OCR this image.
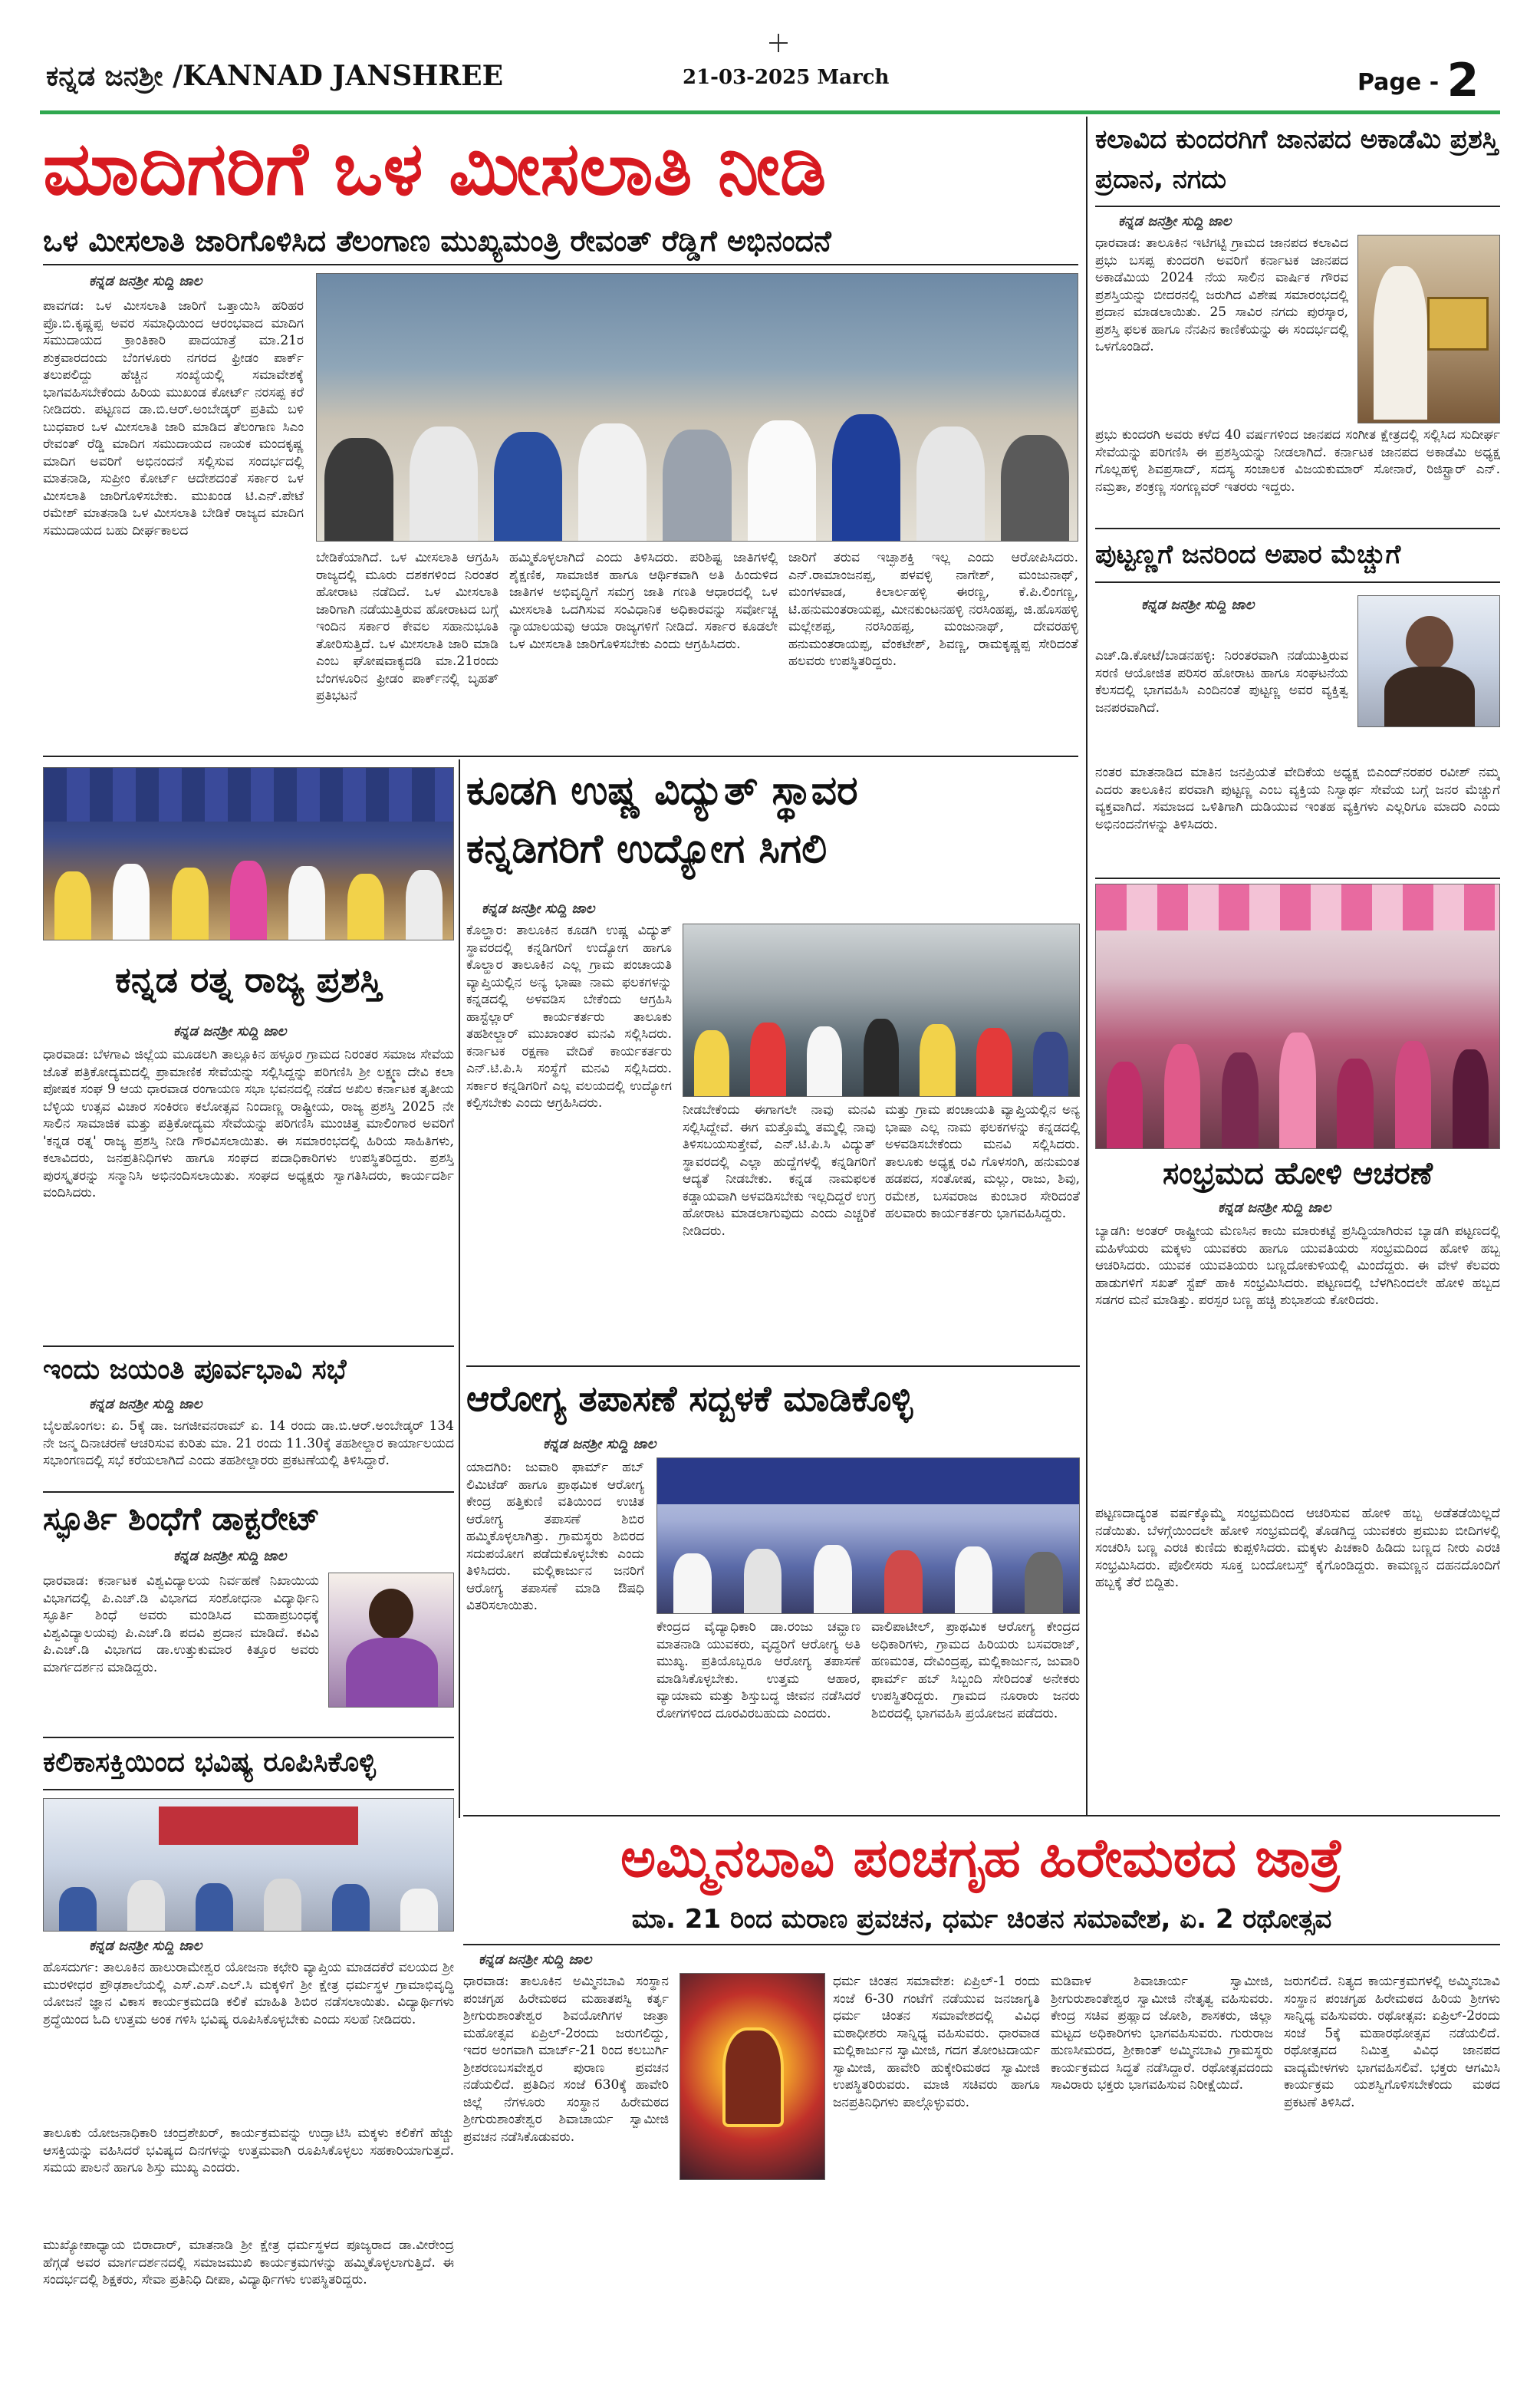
ಕನ್ನಡ ಜನಶ್ರೀ /KANNAD JANSHREE	21-03-2025 March	Page - 2
ಮಾದಿಗರಿಗೆ ಒಳ ಮೀಸಲಾತಿ ನೀಡಿ
ಒಳ ಮೀಸಲಾತಿ ಜಾರಿಗೊಳಿಸಿದ ತೆಲಂಗಾಣ ಮುಖ್ಯಮಂತ್ರಿ ರೇವಂತ್ ರೆಡ್ಡಿಗೆ ಅಭಿನಂದನೆ
ಕನ್ನಡ ಜನಶ್ರೀ ಸುದ್ದಿ ಜಾಲ
ಪಾವಗಡ: ಒಳ ಮೀಸಲಾತಿ ಜಾರಿಗೆ ಒತ್ತಾಯಿಸಿ ಹರಿಹರ ಪ್ರೊ.ಬಿ.ಕೃಷ್ಣಪ್ಪ ಅವರ ಸಮಾಧಿಯಿಂದ ಆರಂಭವಾದ ಮಾದಿಗ ಸಮುದಾಯದ ಕ್ರಾಂತಿಕಾರಿ ಪಾದಯಾತ್ರೆ ಮಾ.21ರ ಶುಕ್ರವಾರದಂದು ಬೆಂಗಳೂರು ನಗರದ ಫ್ರೀಡಂ ಪಾರ್ಕ್ ತಲುಪಲಿದ್ದು ಹೆಚ್ಚಿನ ಸಂಖ್ಯೆಯಲ್ಲಿ ಸಮಾವೇಶಕ್ಕೆ ಭಾಗವಹಿಸಬೇಕೆಂದು ಹಿರಿಯ ಮುಖಂಡ ಕೋರ್ಟ್ ನರಸಪ್ಪ ಕರೆ ನೀಡಿದರು. ಪಟ್ಟಣದ ಡಾ.ಬಿ.ಆರ್.ಅಂಬೇಡ್ಕರ್ ಪ್ರತಿಮೆ ಬಳಿ ಬುಧವಾರ ಒಳ ಮೀಸಲಾತಿ ಜಾರಿ ಮಾಡಿದ ತೆಲಂಗಾಣ ಸಿಎಂ ರೇವಂತ್ ರೆಡ್ಡಿ ಮಾದಿಗ ಸಮುದಾಯದ ನಾಯಕ ಮಂದಕೃಷ್ಣ ಮಾದಿಗ ಅವರಿಗೆ ಅಭಿನಂದನೆ ಸಲ್ಲಿಸುವ ಸಂದರ್ಭದಲ್ಲಿ ಮಾತನಾಡಿ, ಸುಪ್ರೀಂ ಕೋರ್ಟ್ ಆದೇಶದಂತೆ ಸರ್ಕಾರ ಒಳ ಮೀಸಲಾತಿ ಜಾರಿಗೊಳಿಸಬೇಕು. ಮುಖಂಡ ಟಿ.ಎನ್.ಪೇಟೆ ರಮೇಶ್ ಮಾತನಾಡಿ ಒಳ ಮೀಸಲಾತಿ ಬೇಡಿಕೆ ರಾಜ್ಯದ ಮಾದಿಗ ಸಮುದಾಯದ ಬಹು ದೀರ್ಘಕಾಲದ
ಬೇಡಿಕೆಯಾಗಿದೆ. ಒಳ ಮೀಸಲಾತಿ ಆಗ್ರಹಿಸಿ ರಾಜ್ಯದಲ್ಲಿ ಮೂರು ದಶಕಗಳಿಂದ ನಿರಂತರ ಹೋರಾಟ ನಡೆದಿದೆ. ಒಳ ಮೀಸಲಾತಿ ಜಾರಿಗಾಗಿ ನಡೆಯುತ್ತಿರುವ ಹೋರಾಟದ ಬಗ್ಗೆ ಇಂದಿನ ಸರ್ಕಾರ ಕೇವಲ ಸಹಾನುಭೂತಿ ತೋರಿಸುತ್ತಿದೆ. ಒಳ ಮೀಸಲಾತಿ ಜಾರಿ ಮಾಡಿ ಎಂಬ ಘೋಷವಾಕ್ಯದಡಿ ಮಾ.21ರಂದು ಬೆಂಗಳೂರಿನ ಫ್ರೀಡಂ ಪಾರ್ಕ್‌ನಲ್ಲಿ ಬೃಹತ್ ಪ್ರತಿಭಟನೆ
ಹಮ್ಮಿಕೊಳ್ಳಲಾಗಿದೆ ಎಂದು ತಿಳಿಸಿದರು. ಪರಿಶಿಷ್ಟ ಜಾತಿಗಳಲ್ಲಿ ಶೈಕ್ಷಣಿಕ, ಸಾಮಾಜಿಕ ಹಾಗೂ ಆರ್ಥಿಕವಾಗಿ ಅತಿ ಹಿಂದುಳಿದ ಜಾತಿಗಳ ಅಭಿವೃದ್ಧಿಗೆ ಸಮಗ್ರ ಜಾತಿ ಗಣತಿ ಆಧಾರದಲ್ಲಿ ಒಳ ಮೀಸಲಾತಿ ಒದಗಿಸುವ ಸಂವಿಧಾನಿಕ ಅಧಿಕಾರವನ್ನು ಸರ್ವೋಚ್ಚ ನ್ಯಾಯಾಲಯವು ಆಯಾ ರಾಜ್ಯಗಳಿಗೆ ನೀಡಿದೆ. ಸರ್ಕಾರ ಕೂಡಲೇ ಒಳ ಮೀಸಲಾತಿ ಜಾರಿಗೊಳಿಸಬೇಕು ಎಂದು ಆಗ್ರಹಿಸಿದರು.
ಜಾರಿಗೆ ತರುವ ಇಚ್ಛಾಶಕ್ತಿ ಇಲ್ಲ ಎಂದು ಆರೋಪಿಸಿದರು. ಎನ್.ರಾಮಾಂಜನಪ್ಪ, ಪಳವಳ್ಳಿ ನಾಗೇಶ್, ಮಂಜುನಾಥ್, ಮಂಗಳವಾಡ, ಕಿಲಾರ್ಲಹಳ್ಳಿ ಈರಣ್ಣ, ಕೆ.ಪಿ.ಲಿಂಗಣ್ಣ, ಟಿ.ಹನುಮಂತರಾಯಪ್ಪ, ಮೀನಕುಂಟನಹಳ್ಳಿ ನರಸಿಂಹಪ್ಪ, ಜಿ.ಹೊಸಹಳ್ಳಿ ಮಲ್ಲೇಶಪ್ಪ, ನರಸಿಂಹಪ್ಪ, ಮಂಜುನಾಥ್, ದೇವರಹಳ್ಳಿ ಹನುಮಂತರಾಯಪ್ಪ, ವೆಂಕಟೇಶ್, ಶಿವಣ್ಣ, ರಾಮಕೃಷ್ಣಪ್ಪ ಸೇರಿದಂತೆ ಹಲವರು ಉಪಸ್ಥಿತರಿದ್ದರು.
ಕಲಾವಿದ ಕುಂದರಗಿಗೆ ಜಾನಪದ ಅಕಾಡೆಮಿ ಪ್ರಶಸ್ತಿ ಪ್ರದಾನ, ನಗದು
ಕನ್ನಡ ಜನಶ್ರೀ ಸುದ್ದಿ ಜಾಲ
ಧಾರವಾಡ: ತಾಲೂಕಿನ ಇಟಿಗಟ್ಟಿ ಗ್ರಾಮದ ಜಾನಪದ ಕಲಾವಿದ ಪ್ರಭು ಬಸಪ್ಪ ಕುಂದರಗಿ ಅವರಿಗೆ ಕರ್ನಾಟಕ ಜಾನಪದ ಅಕಾಡೆಮಿಯ 2024 ನೆಯ ಸಾಲಿನ ವಾರ್ಷಿಕ ಗೌರವ ಪ್ರಶಸ್ತಿಯನ್ನು ಬೀದರನಲ್ಲಿ ಜರುಗಿದ ವಿಶೇಷ ಸಮಾರಂಭದಲ್ಲಿ ಪ್ರದಾನ ಮಾಡಲಾಯಿತು. 25 ಸಾವಿರ ನಗದು ಪುರಸ್ಕಾರ, ಪ್ರಶಸ್ತಿ ಫಲಕ ಹಾಗೂ ನೆನಪಿನ ಕಾಣಿಕೆಯನ್ನು ಈ ಸಂದರ್ಭದಲ್ಲಿ ಒಳಗೊಂಡಿದೆ.
ಪ್ರಭು ಕುಂದರಗಿ ಅವರು ಕಳೆದ 40 ವರ್ಷಗಳಿಂದ ಜಾನಪದ ಸಂಗೀತ ಕ್ಷೇತ್ರದಲ್ಲಿ ಸಲ್ಲಿಸಿದ ಸುದೀರ್ಘ ಸೇವೆಯನ್ನು ಪರಿಗಣಿಸಿ ಈ ಪ್ರಶಸ್ತಿಯನ್ನು ನೀಡಲಾಗಿದೆ. ಕರ್ನಾಟಕ ಜಾನಪದ ಅಕಾಡೆಮಿ ಅಧ್ಯಕ್ಷ ಗೊಲ್ಲಹಳ್ಳಿ ಶಿವಪ್ರಸಾದ್, ಸದಸ್ಯ ಸಂಚಾಲಕ ವಿಜಯಕುಮಾರ್ ಸೋನಾರೆ, ರಿಜಿಸ್ಟ್ರಾರ್ ಎನ್. ನಮ್ರತಾ, ಶಂಕ್ರಣ್ಣ ಸಂಗಣ್ಣವರ್ ಇತರರು ಇದ್ದರು.
ಪುಟ್ಟಣ್ಣಗೆ ಜನರಿಂದ ಅಪಾರ ಮೆಚ್ಚುಗೆ
ಕನ್ನಡ ಜನಶ್ರೀ ಸುದ್ದಿ ಜಾಲ
ಎಚ್.ಡಿ.ಕೋಟೆ/ಬಾಡನಹಳ್ಳಿ: ನಿರಂತರವಾಗಿ ನಡೆಯುತ್ತಿರುವ ಸರಣಿ ಆಯೋಜಿತ ಪರಿಸರ ಹೋರಾಟ ಹಾಗೂ ಸಂಘಟನೆಯ ಕೆಲಸದಲ್ಲಿ ಭಾಗವಹಿಸಿ ಎಂದಿನಂತೆ ಪುಟ್ಟಣ್ಣ ಅವರ ವ್ಯಕ್ತಿತ್ವ ಜನಪರವಾಗಿದೆ.
ನಂತರ ಮಾತನಾಡಿದ ಮಾತಿನ ಜನಪ್ರಿಯತೆ ವೇದಿಕೆಯ ಅಧ್ಯಕ್ಷ ಬಿಎಂದ್‌ನರಪರ ರವೀಶ್ ನಮ್ಮ ಎದರು ತಾಲೂಕಿನ ಪರವಾಗಿ ಪುಟ್ಟಣ್ಣ ಎಂಬ ವ್ಯಕ್ತಿಯ ನಿಸ್ವಾರ್ಥ ಸೇವೆಯ ಬಗ್ಗೆ ಜನರ ಮೆಚ್ಚುಗೆ ವ್ಯಕ್ತವಾಗಿದೆ. ಸಮಾಜದ ಒಳಿತಿಗಾಗಿ ದುಡಿಯುವ ಇಂತಹ ವ್ಯಕ್ತಿಗಳು ಎಲ್ಲರಿಗೂ ಮಾದರಿ ಎಂದು ಅಭಿನಂದನೆಗಳನ್ನು ತಿಳಿಸಿದರು.
ಸಂಭ್ರಮದ ಹೋಳಿ ಆಚರಣೆ
ಕನ್ನಡ ಜನಶ್ರೀ ಸುದ್ದಿ ಜಾಲ
ಬ್ಯಾಡಗಿ: ಅಂತರ್ ರಾಷ್ಟ್ರೀಯ ಮೆಣಸಿನ ಕಾಯಿ ಮಾರುಕಟ್ಟೆ ಪ್ರಸಿದ್ಧಿಯಾಗಿರುವ ಬ್ಯಾಡಗಿ ಪಟ್ಟಣದಲ್ಲಿ ಮಹಿಳೆಯರು ಮಕ್ಕಳು ಯುವಕರು ಹಾಗೂ ಯುವತಿಯರು ಸಂಭ್ರಮದಿಂದ ಹೋಳಿ ಹಬ್ಬ ಆಚರಿಸಿದರು. ಯುವಕ ಯುವತಿಯರು ಬಣ್ಣದೋಕುಳಿಯಲ್ಲಿ ಮಿಂದೆದ್ದರು. ಈ ವೇಳೆ ಕೆಲವರು ಹಾಡುಗಳಿಗೆ ಸಖತ್ ಸ್ಟೆಪ್ ಹಾಕಿ ಸಂಭ್ರಮಿಸಿದರು. ಪಟ್ಟಣದಲ್ಲಿ ಬೆಳಗಿನಿಂದಲೇ ಹೋಳಿ ಹಬ್ಬದ ಸಡಗರ ಮನೆ ಮಾಡಿತ್ತು. ಪರಸ್ಪರ ಬಣ್ಣ ಹಚ್ಚಿ ಶುಭಾಶಯ ಕೋರಿದರು.
ಪಟ್ಟಣದಾದ್ಯಂತ ವರ್ಷಕ್ಕೊಮ್ಮೆ ಸಂಭ್ರಮದಿಂದ ಆಚರಿಸುವ ಹೋಳಿ ಹಬ್ಬ ಅಡೆತಡೆಯಿಲ್ಲದೆ ನಡೆಯಿತು. ಬೆಳಗ್ಗೆಯಿಂದಲೇ ಹೋಳಿ ಸಂಭ್ರಮದಲ್ಲಿ ತೊಡಗಿದ್ದ ಯುವಕರು ಪ್ರಮುಖ ಬೀದಿಗಳಲ್ಲಿ ಸಂಚರಿಸಿ ಬಣ್ಣ ಎರಚಿ ಕುಣಿದು ಕುಪ್ಪಳಿಸಿದರು. ಮಕ್ಕಳು ಪಿಚಕಾರಿ ಹಿಡಿದು ಬಣ್ಣದ ನೀರು ಎರಚಿ ಸಂಭ್ರಮಿಸಿದರು. ಪೊಲೀಸರು ಸೂಕ್ತ ಬಂದೋಬಸ್ತ್ ಕೈಗೊಂಡಿದ್ದರು. ಕಾಮಣ್ಣನ ದಹನದೊಂದಿಗೆ ಹಬ್ಬಕ್ಕೆ ತೆರೆ ಬಿದ್ದಿತು.
ಕನ್ನಡ ರತ್ನ ರಾಜ್ಯ ಪ್ರಶಸ್ತಿ
ಕನ್ನಡ ಜನಶ್ರೀ ಸುದ್ದಿ ಜಾಲ
ಧಾರವಾಡ: ಬೆಳಗಾವಿ ಜಿಲ್ಲೆಯ ಮೂಡಲಗಿ ತಾಲ್ಲೂಕಿನ ಹಳ್ಳೂರ ಗ್ರಾಮದ ನಿರಂತರ ಸಮಾಜ ಸೇವೆಯ ಜೊತೆ ಪತ್ರಿಕೋದ್ಯಮದಲ್ಲಿ ಪ್ರಾಮಾಣಿಕ ಸೇವೆಯನ್ನು ಸಲ್ಲಿಸಿದ್ದನ್ನು ಪರಿಗಣಿಸಿ ಶ್ರೀ ಲಕ್ಷ್ಮಣ ದೇವಿ ಕಲಾ ಪೋಷಕ ಸಂಘ 9 ಆಯ ಧಾರವಾಡ ರಂಗಾಯಣ ಸಭಾ ಭವನದಲ್ಲಿ ನಡೆದ ಅಖಿಲ ಕರ್ನಾಟಕ ತೃತೀಯ ಬೆಳ್ಳಿಯ ಉತ್ಸವ ವಿಚಾರ ಸಂಕಿರಣ ಕಲೋತ್ಸವ ನಿಂದಾಣ್ಣ ರಾಷ್ಟ್ರೀಯ, ರಾಜ್ಯ ಪ್ರಶಸ್ತಿ 2025 ನೇ ಸಾಲಿನ ಸಾಮಾಜಿಕ ಮತ್ತು ಪತ್ರಿಕೋದ್ಯಮ ಸೇವೆಯನ್ನು ಪರಿಗಣಿಸಿ ಮುಂಚಿತ್ತ ಮಾಲಿಂಗಾರ ಅವರಿಗೆ 'ಕನ್ನಡ ರತ್ನ' ರಾಜ್ಯ ಪ್ರಶಸ್ತಿ ನೀಡಿ ಗೌರವಿಸಲಾಯಿತು. ಈ ಸಮಾರಂಭದಲ್ಲಿ ಹಿರಿಯ ಸಾಹಿತಿಗಳು, ಕಲಾವಿದರು, ಜನಪ್ರತಿನಿಧಿಗಳು ಹಾಗೂ ಸಂಘದ ಪದಾಧಿಕಾರಿಗಳು ಉಪಸ್ಥಿತರಿದ್ದರು. ಪ್ರಶಸ್ತಿ ಪುರಸ್ಕೃತರನ್ನು ಸನ್ಮಾನಿಸಿ ಅಭಿನಂದಿಸಲಾಯಿತು. ಸಂಘದ ಅಧ್ಯಕ್ಷರು ಸ್ವಾಗತಿಸಿದರು, ಕಾರ್ಯದರ್ಶಿ ವಂದಿಸಿದರು.
ಇಂದು ಜಯಂತಿ ಪೂರ್ವಭಾವಿ ಸಭೆ
ಕನ್ನಡ ಜನಶ್ರೀ ಸುದ್ದಿ ಜಾಲ
ಬೈಲಹೊಂಗಲ: ಏ. 5ಕ್ಕೆ ಡಾ. ಜಗಜೀವನರಾಮ್ ಏ. 14 ರಂದು ಡಾ.ಬಿ.ಆರ್.ಅಂಬೇಡ್ಕರ್ 134 ನೇ ಜನ್ಮ ದಿನಾಚರಣೆ ಆಚರಿಸುವ ಕುರಿತು ಮಾ. 21 ರಂದು 11.30ಕ್ಕೆ ತಹಶೀಲ್ದಾರ ಕಾರ್ಯಾಲಯದ ಸಭಾಂಗಣದಲ್ಲಿ ಸಭೆ ಕರೆಯಲಾಗಿದೆ ಎಂದು ತಹಶೀಲ್ದಾರರು ಪ್ರಕಟಣೆಯಲ್ಲಿ ತಿಳಿಸಿದ್ದಾರೆ.
ಸ್ಫೂರ್ತಿ ಶಿಂಧೆಗೆ ಡಾಕ್ಟರೇಟ್
ಕನ್ನಡ ಜನಶ್ರೀ ಸುದ್ದಿ ಜಾಲ
ಧಾರವಾಡ: ಕರ್ನಾಟಕ ವಿಶ್ವವಿದ್ಯಾಲಯ ನಿರ್ವಹಣೆ ನಿಖಾಯಿಯ ವಿಭಾಗದಲ್ಲಿ ಪಿ.ಎಚ್.ಡಿ ವಿಭಾಗದ ಸಂಶೋಧನಾ ವಿದ್ಯಾರ್ಥಿನಿ ಸ್ಫೂರ್ತಿ ಶಿಂಧೆ ಅವರು ಮಂಡಿಸಿದ ಮಹಾಪ್ರಬಂಧಕ್ಕೆ ವಿಶ್ವವಿದ್ಯಾಲಯವು ಪಿ.ಎಚ್.ಡಿ ಪದವಿ ಪ್ರದಾನ ಮಾಡಿದೆ. ಕವಿವಿ ಪಿ.ಎಚ್.ಡಿ ವಿಭಾಗದ ಡಾ.ಉತ್ತುಕುಮಾರ ಕಿತ್ತೂರ ಅವರು ಮಾರ್ಗದರ್ಶನ ಮಾಡಿದ್ದರು.
ಕಲಿಕಾಸಕ್ತಿಯಿಂದ ಭವಿಷ್ಯ ರೂಪಿಸಿಕೊಳ್ಳಿ
ಕನ್ನಡ ಜನಶ್ರೀ ಸುದ್ದಿ ಜಾಲ
ಹೊಸದುರ್ಗ: ತಾಲೂಕಿನ ಹಾಲುರಾಮೇಶ್ವರ ಯೋಜನಾ ಕಛೇರಿ ವ್ಯಾಪ್ತಿಯ ಮಾಡದಕೆರೆ ವಲಯದ ಶ್ರೀ ಮುರಳೀಧರ ಪ್ರೌಢಶಾಲೆಯಲ್ಲಿ ಎಸ್.ಎಸ್.ಎಲ್.ಸಿ ಮಕ್ಕಳಿಗೆ ಶ್ರೀ ಕ್ಷೇತ್ರ ಧರ್ಮಸ್ಥಳ ಗ್ರಾಮಾಭಿವೃದ್ಧಿ ಯೋಜನೆ ಜ್ಞಾನ ವಿಕಾಸ ಕಾರ್ಯಕ್ರಮದಡಿ ಕಲಿಕೆ ಮಾಹಿತಿ ಶಿಬಿರ ನಡೆಸಲಾಯಿತು. ವಿದ್ಯಾರ್ಥಿಗಳು ಶ್ರದ್ಧೆಯಿಂದ ಓದಿ ಉತ್ತಮ ಅಂಕ ಗಳಿಸಿ ಭವಿಷ್ಯ ರೂಪಿಸಿಕೊಳ್ಳಬೇಕು ಎಂದು ಸಲಹೆ ನೀಡಿದರು.
ತಾಲೂಕು ಯೋಜನಾಧಿಕಾರಿ ಚಂದ್ರಶೇಖರ್, ಕಾರ್ಯಕ್ರಮವನ್ನು ಉದ್ಘಾಟಿಸಿ ಮಕ್ಕಳು ಕಲಿಕೆಗೆ ಹೆಚ್ಚು ಆಸಕ್ತಿಯನ್ನು ವಹಿಸಿದರೆ ಭವಿಷ್ಯದ ದಿನಗಳನ್ನು ಉತ್ತಮವಾಗಿ ರೂಪಿಸಿಕೊಳ್ಳಲು ಸಹಕಾರಿಯಾಗುತ್ತದೆ. ಸಮಯ ಪಾಲನೆ ಹಾಗೂ ಶಿಸ್ತು ಮುಖ್ಯ ಎಂದರು.
ಮುಖ್ಯೋಪಾಧ್ಯಾಯ ಬಿರಾದಾರ್, ಮಾತನಾಡಿ ಶ್ರೀ ಕ್ಷೇತ್ರ ಧರ್ಮಸ್ಥಳದ ಪೂಜ್ಯರಾದ ಡಾ.ವೀರೇಂದ್ರ ಹೆಗ್ಗಡೆ ಅವರ ಮಾರ್ಗದರ್ಶನದಲ್ಲಿ ಸಮಾಜಮುಖಿ ಕಾರ್ಯಕ್ರಮಗಳನ್ನು ಹಮ್ಮಿಕೊಳ್ಳಲಾಗುತ್ತಿದೆ. ಈ ಸಂದರ್ಭದಲ್ಲಿ ಶಿಕ್ಷಕರು, ಸೇವಾ ಪ್ರತಿನಿಧಿ ದೀಪಾ, ವಿದ್ಯಾರ್ಥಿಗಳು ಉಪಸ್ಥಿತರಿದ್ದರು.
ಕೂಡಗಿ ಉಷ್ಣ ವಿದ್ಯುತ್ ಸ್ಥಾವರ
ಕನ್ನಡಿಗರಿಗೆ ಉದ್ಯೋಗ ಸಿಗಲಿ
ಕನ್ನಡ ಜನಶ್ರೀ ಸುದ್ದಿ ಜಾಲ
ಕೊಲ್ಹಾರ: ತಾಲೂಕಿನ ಕೂಡಗಿ ಉಷ್ಣ ವಿದ್ಯುತ್ ಸ್ಥಾವರದಲ್ಲಿ ಕನ್ನಡಿಗರಿಗೆ ಉದ್ಯೋಗ ಹಾಗೂ ಕೊಲ್ಹಾರ ತಾಲೂಕಿನ ಎಲ್ಲ ಗ್ರಾಮ ಪಂಚಾಯತಿ ವ್ಯಾಪ್ತಿಯಲ್ಲಿನ ಅನ್ಯ ಭಾಷಾ ನಾಮ ಫಲಕಗಳನ್ನು ಕನ್ನಡದಲ್ಲಿ ಅಳವಡಿಸ ಬೇಕೆಂದು ಆಗ್ರಹಿಸಿ ಹಾಸ್ಟೆಲ್ಲಾರ್ ಕಾರ್ಯಕರ್ತರು ತಾಲೂಕು ತಹಶೀಲ್ದಾರ್ ಮುಖಾಂತರ ಮನವಿ ಸಲ್ಲಿಸಿದರು. ಕರ್ನಾಟಕ ರಕ್ಷಣಾ ವೇದಿಕೆ ಕಾರ್ಯಕರ್ತರು ಎನ್.ಟಿ.ಪಿ.ಸಿ ಸಂಸ್ಥೆಗೆ ಮನವಿ ಸಲ್ಲಿಸಿದರು. ಸರ್ಕಾರ ಕನ್ನಡಿಗರಿಗೆ ಎಲ್ಲ ವಲಯದಲ್ಲಿ ಉದ್ಯೋಗ ಕಲ್ಪಿಸಬೇಕು ಎಂದು ಆಗ್ರಹಿಸಿದರು.	ನೀಡಬೇಕೆಂದು ಈಗಾಗಲೇ ನಾವು ಮನವಿ ಸಲ್ಲಿಸಿದ್ದೇವೆ. ಈಗ ಮತ್ತೊಮ್ಮೆ ತಮ್ಮಲ್ಲಿ ನಾವು ತಿಳಿಸಬಯಸುತ್ತೇವೆ, ಎನ್.ಟಿ.ಪಿ.ಸಿ ವಿದ್ಯುತ್ ಸ್ಥಾವರದಲ್ಲಿ ಎಲ್ಲಾ ಹುದ್ದೆಗಳಲ್ಲಿ ಕನ್ನಡಿಗರಿಗೆ ಆದ್ಯತೆ ನೀಡಬೇಕು. ಕನ್ನಡ ನಾಮಫಲಕ ಕಡ್ಡಾಯವಾಗಿ ಅಳವಡಿಸಬೇಕು ಇಲ್ಲದಿದ್ದರೆ ಉಗ್ರ ಹೋರಾಟ ಮಾಡಲಾಗುವುದು ಎಂದು ಎಚ್ಚರಿಕೆ ನೀಡಿದರು.
ಮತ್ತು ಗ್ರಾಮ ಪಂಚಾಯತಿ ವ್ಯಾಪ್ತಿಯಲ್ಲಿನ ಅನ್ಯ ಭಾಷಾ ಎಲ್ಲ ನಾಮ ಫಲಕಗಳನ್ನು ಕನ್ನಡದಲ್ಲಿ ಅಳವಡಿಸಬೇಕೆಂದು ಮನವಿ ಸಲ್ಲಿಸಿದರು. ತಾಲೂಕು ಅಧ್ಯಕ್ಷ ರವಿ ಗೊಳಸಂಗಿ, ಹನುಮಂತ ಹಡಪದ, ಸಂತೋಷ, ಮಲ್ಲು, ರಾಜು, ಶಿವು, ರಮೇಶ, ಬಸವರಾಜ ಕುಂಬಾರ ಸೇರಿದಂತೆ ಹಲವಾರು ಕಾರ್ಯಕರ್ತರು ಭಾಗವಹಿಸಿದ್ದರು.
ಆರೋಗ್ಯ ತಪಾಸಣೆ ಸದ್ಬಳಕೆ ಮಾಡಿಕೊಳ್ಳಿ
ಕನ್ನಡ ಜನಶ್ರೀ ಸುದ್ದಿ ಜಾಲ
ಯಾದಗಿರಿ: ಜುವಾರಿ ಫಾರ್ಮ್ ಹಬ್ ಲಿಮಿಟೆಡ್ ಹಾಗೂ ಪ್ರಾಥಮಿಕ ಆರೋಗ್ಯ ಕೇಂದ್ರ ಹತ್ತಿಕುಣಿ ವತಿಯಿಂದ ಉಚಿತ ಆರೋಗ್ಯ ತಪಾಸಣೆ ಶಿಬಿರ ಹಮ್ಮಿಕೊಳ್ಳಲಾಗಿತ್ತು. ಗ್ರಾಮಸ್ಥರು ಶಿಬಿರದ ಸದುಪಯೋಗ ಪಡೆದುಕೊಳ್ಳಬೇಕು ಎಂದು ತಿಳಿಸಿದರು. ಮಲ್ಲಿಕಾರ್ಜುನ ಜನರಿಗೆ ಆರೋಗ್ಯ ತಪಾಸಣೆ ಮಾಡಿ ಔಷಧಿ ವಿತರಿಸಲಾಯಿತು.
ಕೇಂದ್ರದ ವೈದ್ಯಾಧಿಕಾರಿ ಡಾ.ರಂಜು ಚವ್ಹಾಣ ಮಾತನಾಡಿ ಯುವಕರು, ವೃದ್ಧರಿಗೆ ಆರೋಗ್ಯ ಅತಿ ಮುಖ್ಯ. ಪ್ರತಿಯೊಬ್ಬರೂ ಆರೋಗ್ಯ ತಪಾಸಣೆ ಮಾಡಿಸಿಕೊಳ್ಳಬೇಕು. ಉತ್ತಮ ಆಹಾರ, ವ್ಯಾಯಾಮ ಮತ್ತು ಶಿಸ್ತುಬದ್ಧ ಜೀವನ ನಡೆಸಿದರೆ ರೋಗಗಳಿಂದ ದೂರವಿರಬಹುದು ಎಂದರು.
ವಾಲಿಪಾಟೀಲ್, ಪ್ರಾಥಮಿಕ ಆರೋಗ್ಯ ಕೇಂದ್ರದ ಅಧಿಕಾರಿಗಳು, ಗ್ರಾಮದ ಹಿರಿಯರು ಬಸವರಾಜ್, ಹಣಮಂತ, ದೇವಿಂದ್ರಪ್ಪ, ಮಲ್ಲಿಕಾರ್ಜುನ, ಜುವಾರಿ ಫಾರ್ಮ್ ಹಬ್ ಸಿಬ್ಬಂದಿ ಸೇರಿದಂತೆ ಅನೇಕರು ಉಪಸ್ಥಿತರಿದ್ದರು. ಗ್ರಾಮದ ನೂರಾರು ಜನರು ಶಿಬಿರದಲ್ಲಿ ಭಾಗವಹಿಸಿ ಪ್ರಯೋಜನ ಪಡೆದರು.
ಅಮ್ಮಿನಬಾವಿ ಪಂಚಗೃಹ ಹಿರೇಮಠದ ಜಾತ್ರೆ
ಮಾ. 21 ರಿಂದ ಮರಾಣ ಪ್ರವಚನ, ಧರ್ಮ ಚಿಂತನ ಸಮಾವೇಶ, ಏ. 2 ರಥೋತ್ಸವ
ಕನ್ನಡ ಜನಶ್ರೀ ಸುದ್ದಿ ಜಾಲ
ಧಾರವಾಡ: ತಾಲೂಕಿನ ಅಮ್ಮಿನಬಾವಿ ಸಂಸ್ಥಾನ ಪಂಚಗೃಹ ಹಿರೇಮಠದ ಮಹಾತಪಸ್ವಿ ಕರ್ತೃ ಶ್ರೀಗುರುಶಾಂತೇಶ್ವರ ಶಿವಯೋಗಿಗಳ ಜಾತ್ರಾ ಮಹೋತ್ಸವ ಏಪ್ರಿಲ್-2ರಂದು ಜರುಗಲಿದ್ದು, ಇದರ ಅಂಗವಾಗಿ ಮಾರ್ಚ್-21 ರಿಂದ ಕಲಬುರ್ಗಿ ಶ್ರೀಶರಣಬಸವೇಶ್ವರ ಪುರಾಣ ಪ್ರವಚನ ನಡೆಯಲಿದೆ. ಪ್ರತಿದಿನ ಸಂಜೆ 630ಕ್ಕೆ ಹಾವೇರಿ ಜಿಲ್ಲೆ ನೆಗಳೂರು ಸಂಸ್ಥಾನ ಹಿರೇಮಠದ ಶ್ರೀಗುರುಶಾಂತೇಶ್ವರ ಶಿವಾಚಾರ್ಯ ಸ್ವಾಮೀಜಿ ಪ್ರವಚನ ನಡೆಸಿಕೊಡುವರು.
ಧರ್ಮ ಚಿಂತನ ಸಮಾವೇಶ: ಏಪ್ರಿಲ್-1 ರಂದು ಸಂಜೆ 6-30 ಗಂಟೆಗೆ ನಡೆಯುವ ಜನಜಾಗೃತಿ ಧರ್ಮ ಚಿಂತನ ಸಮಾವೇಶದಲ್ಲಿ ವಿವಿಧ ಮಠಾಧೀಶರು ಸಾನ್ನಿಧ್ಯ ವಹಿಸುವರು. ಧಾರವಾಡ ಮಲ್ಲಿಕಾರ್ಜುನ ಸ್ವಾಮೀಜಿ, ಗದಗ ತೋಂಟದಾರ್ಯ ಸ್ವಾಮೀಜಿ, ಹಾವೇರಿ ಹುಕ್ಕೇರಿಮಠದ ಸ್ವಾಮೀಜಿ ಉಪಸ್ಥಿತರಿರುವರು. ಮಾಜಿ ಸಚಿವರು ಹಾಗೂ ಜನಪ್ರತಿನಿಧಿಗಳು ಪಾಲ್ಗೊಳ್ಳುವರು.
ಮಡಿವಾಳ ಶಿವಾಚಾರ್ಯ ಸ್ವಾಮೀಜಿ, ಶ್ರೀಗುರುಶಾಂತೇಶ್ವರ ಸ್ವಾಮೀಜಿ ನೇತೃತ್ವ ವಹಿಸುವರು. ಕೇಂದ್ರ ಸಚಿವ ಪ್ರಹ್ಲಾದ ಜೋಶಿ, ಶಾಸಕರು, ಜಿಲ್ಲಾ ಮಟ್ಟದ ಅಧಿಕಾರಿಗಳು ಭಾಗವಹಿಸುವರು. ಗುರುರಾಜ ಹುಣಸೀಮರದ, ಶ್ರೀಕಾಂತ್ ಅಮ್ಮಿನಬಾವಿ ಗ್ರಾಮಸ್ಥರು ಕಾರ್ಯಕ್ರಮದ ಸಿದ್ಧತೆ ನಡೆಸಿದ್ದಾರೆ. ರಥೋತ್ಸವದಂದು ಸಾವಿರಾರು ಭಕ್ತರು ಭಾಗವಹಿಸುವ ನಿರೀಕ್ಷೆಯಿದೆ.
ಜರುಗಲಿದೆ. ನಿತ್ಯದ ಕಾರ್ಯಕ್ರಮಗಳಲ್ಲಿ ಅಮ್ಮಿನಬಾವಿ ಸಂಸ್ಥಾನ ಪಂಚಗೃಹ ಹಿರೇಮಠದ ಹಿರಿಯ ಶ್ರೀಗಳು ಸಾನ್ನಿಧ್ಯ ವಹಿಸುವರು. ರಥೋತ್ಸವ: ಏಪ್ರಿಲ್-2ರಂದು ಸಂಜೆ 5ಕ್ಕೆ ಮಹಾರಥೋತ್ಸವ ನಡೆಯಲಿದೆ. ರಥೋತ್ಸವದ ನಿಮಿತ್ತ ವಿವಿಧ ಜಾನಪದ ವಾದ್ಯಮೇಳಗಳು ಭಾಗವಹಿಸಲಿವೆ. ಭಕ್ತರು ಆಗಮಿಸಿ ಕಾರ್ಯಕ್ರಮ ಯಶಸ್ವಿಗೊಳಿಸಬೇಕೆಂದು ಮಠದ ಪ್ರಕಟಣೆ ತಿಳಿಸಿದೆ.
